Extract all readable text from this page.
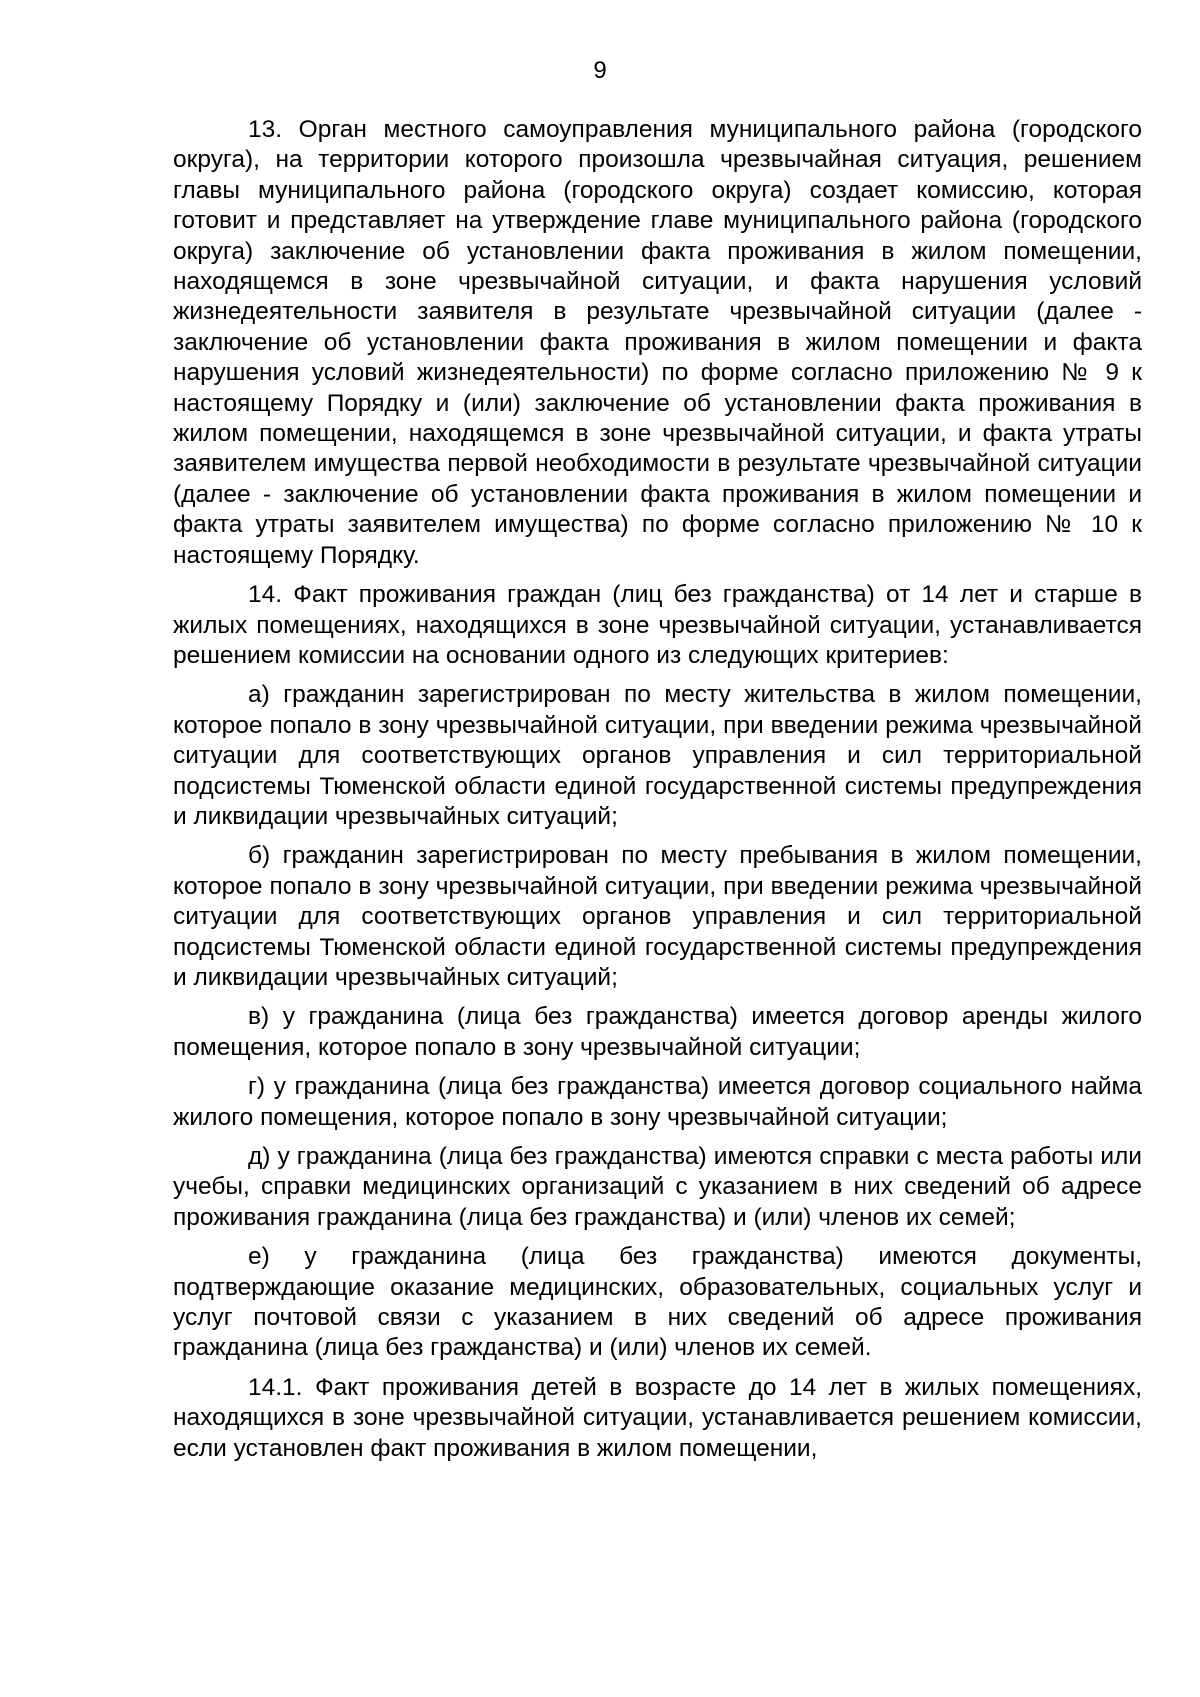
9

13. Орган местного самоуправления муниципального района (городского округа), на территории которого произошла чрезвычайная ситуация, решением главы муниципального района (городского округа) создает комиссию, которая готовит и представляет на утверждение главе муниципального района (городского округа) заключение об установлении факта проживания в жилом помещении, находящемся в зоне чрезвычайной ситуации, и факта нарушения условий жизнедеятельности заявителя в результате чрезвычайной ситуации (далее - заключение об установлении факта проживания в жилом помещении и факта нарушения условий жизнедеятельности) по форме согласно приложению № 9 к настоящему Порядку и (или) заключение об установлении факта проживания в жилом помещении, находящемся в зоне чрезвычайной ситуации, и факта утраты заявителем имущества первой необходимости в результате чрезвычайной ситуации (далее - заключение об установлении факта проживания в жилом помещении и факта утраты заявителем имущества) по форме согласно приложению № 10 к настоящему Порядку.

14. Факт проживания граждан (лиц без гражданства) от 14 лет и старше в жилых помещениях, находящихся в зоне чрезвычайной ситуации, устанавливается решением комиссии на основании одного из следующих критериев:

а) гражданин зарегистрирован по месту жительства в жилом помещении, которое попало в зону чрезвычайной ситуации, при введении режима чрезвычайной ситуации для соответствующих органов управления и сил территориальной подсистемы Тюменской области единой государственной системы предупреждения и ликвидации чрезвычайных ситуаций;

б) гражданин зарегистрирован по месту пребывания в жилом помещении, которое попало в зону чрезвычайной ситуации, при введении режима чрезвычайной ситуации для соответствующих органов управления и сил территориальной подсистемы Тюменской области единой государственной системы предупреждения и ликвидации чрезвычайных ситуаций;

в) у гражданина (лица без гражданства) имеется договор аренды жилого помещения, которое попало в зону чрезвычайной ситуации;

г) у гражданина (лица без гражданства) имеется договор социального найма жилого помещения, которое попало в зону чрезвычайной ситуации;

д) у гражданина (лица без гражданства) имеются справки с места работы или учебы, справки медицинских организаций с указанием в них сведений об адресе проживания гражданина (лица без гражданства) и (или) членов их семей;

е) у гражданина (лица без гражданства) имеются документы, подтверждающие оказание медицинских, образовательных, социальных услуг и услуг почтовой связи с указанием в них сведений об адресе проживания гражданина (лица без гражданства) и (или) членов их семей.

14.1. Факт проживания детей в возрасте до 14 лет в жилых помещениях, находящихся в зоне чрезвычайной ситуации, устанавливается решением комиссии, если установлен факт проживания в жилом помещении,
